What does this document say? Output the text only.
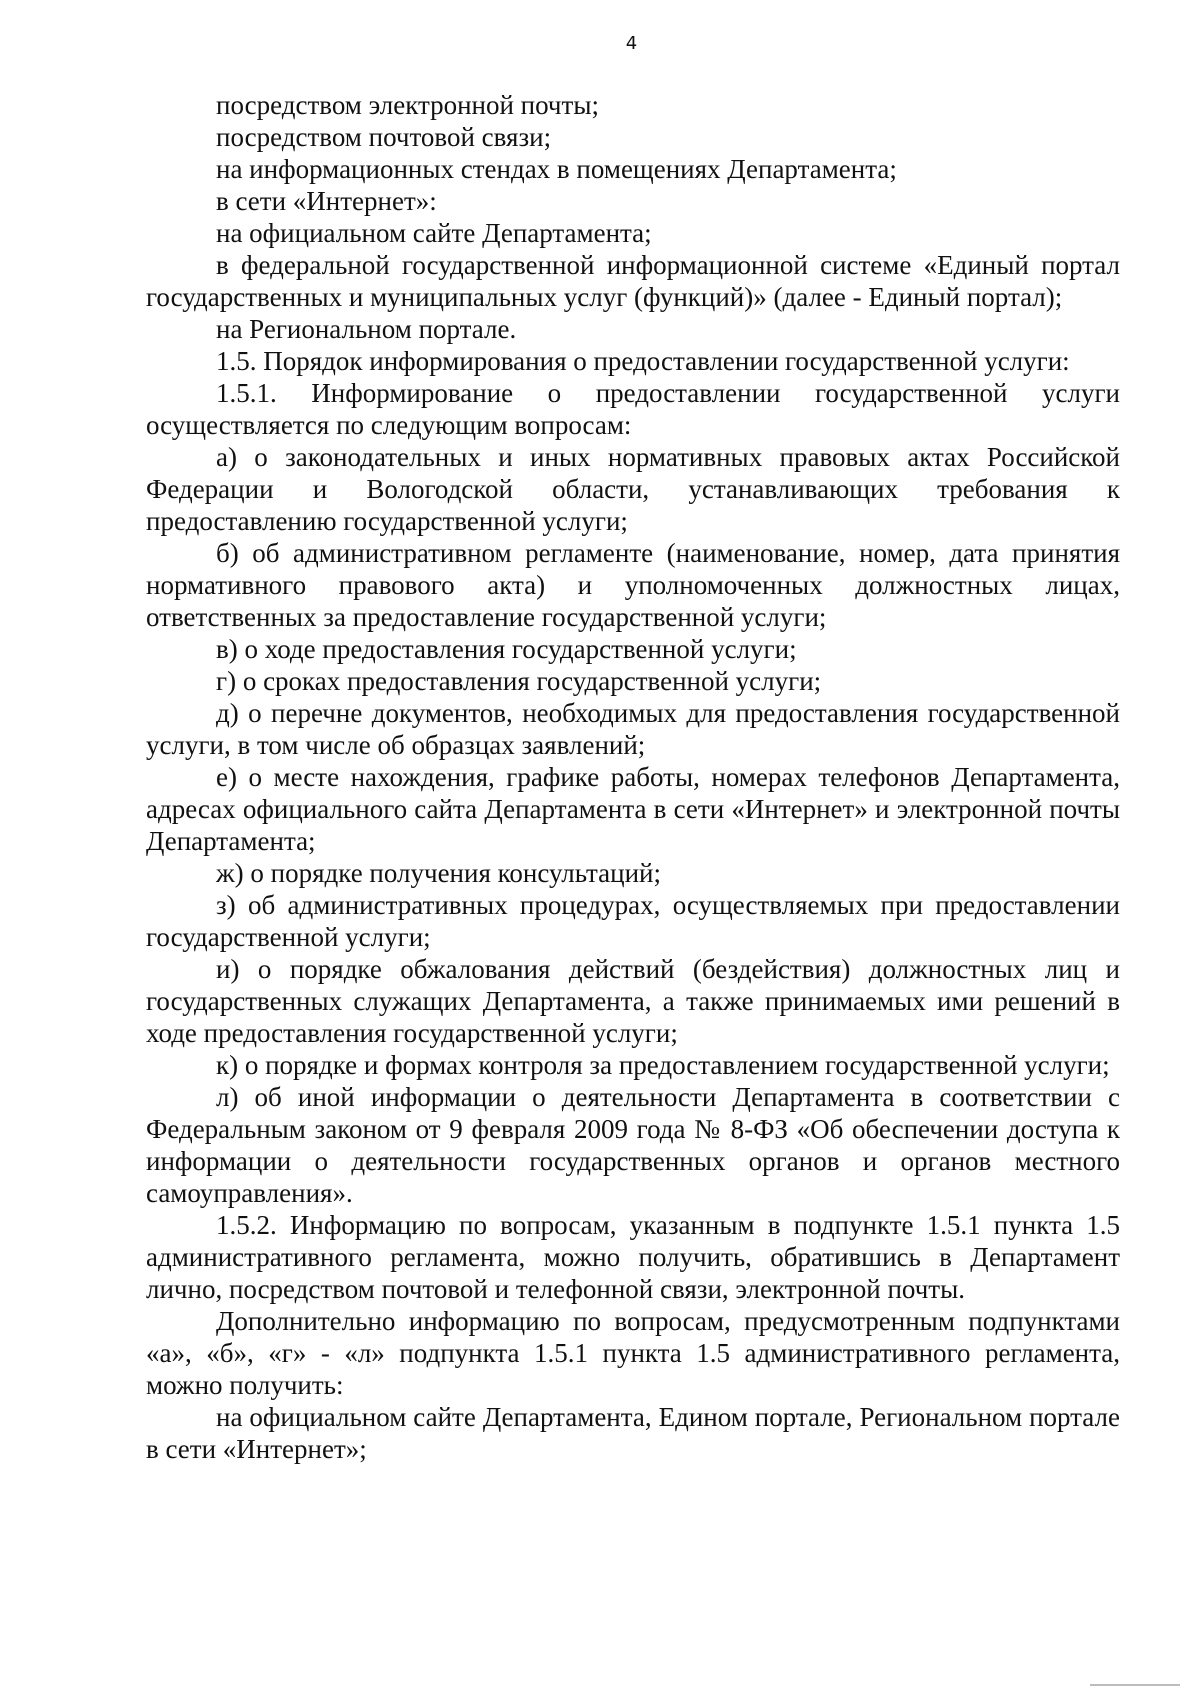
4

посредством электронной почты;

посредством почтовой связи;

на информационных стендах в помещениях Департамента;

в сети «Интернет»:

на официальном сайте Департамента;

в федеральной государственной информационной системе «Единый портал государственных и муниципальных услуг (функций)» (далее - Единый портал);

на Региональном портале.

1.5. Порядок информирования о предоставлении государственной услуги:

1.5.1. Информирование о предоставлении государственной услуги осуществляется по следующим вопросам:

а) о законодательных и иных нормативных правовых актах Российской Федерации и Вологодской области, устанавливающих требования к предоставлению государственной услуги;

б) об административном регламенте (наименование, номер, дата принятия нормативного правового акта) и уполномоченных должностных лицах, ответственных за предоставление государственной услуги;

в) о ходе предоставления государственной услуги;

г) о сроках предоставления государственной услуги;

д) о перечне документов, необходимых для предоставления государственной услуги, в том числе об образцах заявлений;

е) о месте нахождения, графике работы, номерах телефонов Департамента, адресах официального сайта Департамента в сети «Интернет» и электронной почты Департамента;

ж) о порядке получения консультаций;

з) об административных процедурах, осуществляемых при предоставлении государственной услуги;

и) о порядке обжалования действий (бездействия) должностных лиц и государственных служащих Департамента, а также принимаемых ими решений в ходе предоставления государственной услуги;

к) о порядке и формах контроля за предоставлением государственной услуги;

л) об иной информации о деятельности Департамента в соответствии с Федеральным законом от 9 февраля 2009 года № 8-ФЗ «Об обеспечении доступа к информации о деятельности государственных органов и органов местного самоуправления».

1.5.2. Информацию по вопросам, указанным в подпункте 1.5.1 пункта 1.5 административного регламента, можно получить, обратившись в Департамент лично, посредством почтовой и телефонной связи, электронной почты.

Дополнительно информацию по вопросам, предусмотренным подпунктами «а», «б», «г» - «л» подпункта 1.5.1 пункта 1.5 административного регламента, можно получить:

на официальном сайте Департамента, Едином портале, Региональном портале в сети «Интернет»;
